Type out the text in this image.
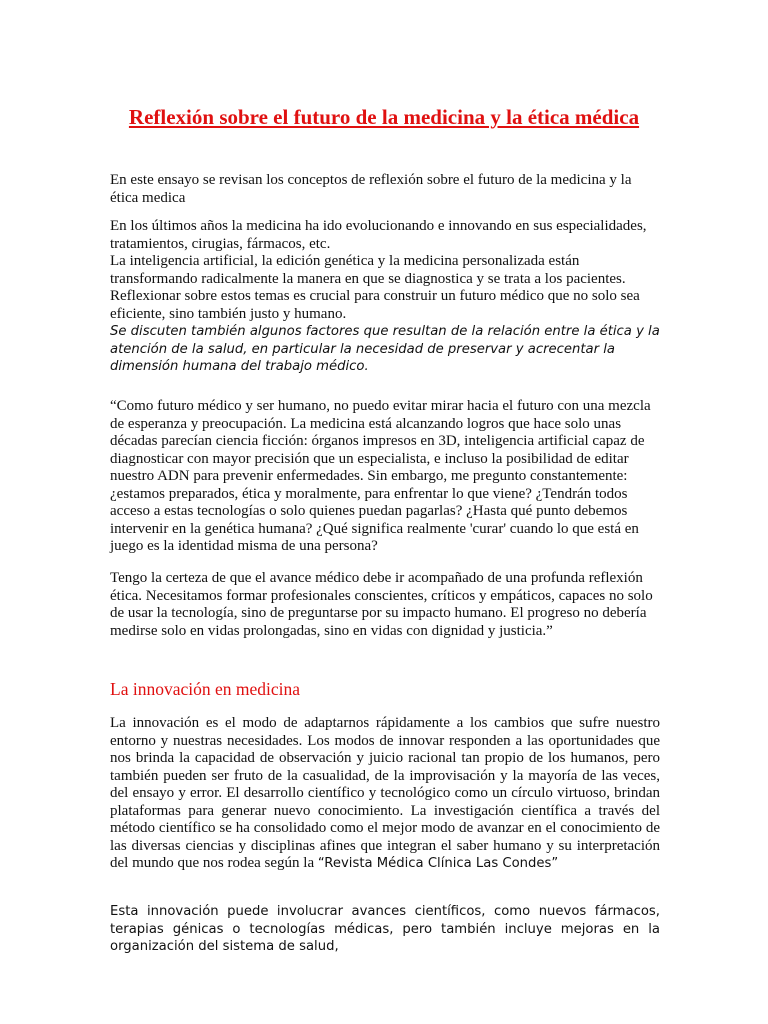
Reflexión sobre el futuro de la medicina y la ética médica

En este ensayo se revisan los conceptos de reflexión sobre el futuro de la medicina y la ética medica

En los últimos años la medicina ha ido evolucionando e innovando en sus especialidades, tratamientos, cirugias, fármacos, etc.
La inteligencia artificial, la edición genética y la medicina personalizada están transformando radicalmente la manera en que se diagnostica y se trata a los pacientes.
Reflexionar sobre estos temas es crucial para construir un futuro médico que no solo sea eficiente, sino también justo y humano.
Se discuten también algunos factores que resultan de la relación entre la ética y la atención de la salud, en particular la necesidad de preservar y acrecentar la dimensión humana del trabajo médico.

“Como futuro médico y ser humano, no puedo evitar mirar hacia el futuro con una mezcla de esperanza y preocupación. La medicina está alcanzando logros que hace solo unas décadas parecían ciencia ficción: órganos impresos en 3D, inteligencia artificial capaz de diagnosticar con mayor precisión que un especialista, e incluso la posibilidad de editar nuestro ADN para prevenir enfermedades. Sin embargo, me pregunto constantemente: ¿estamos preparados, ética y moralmente, para enfrentar lo que viene? ¿Tendrán todos acceso a estas tecnologías o solo quienes puedan pagarlas? ¿Hasta qué punto debemos intervenir en la genética humana? ¿Qué significa realmente 'curar' cuando lo que está en juego es la identidad misma de una persona?

Tengo la certeza de que el avance médico debe ir acompañado de una profunda reflexión ética. Necesitamos formar profesionales conscientes, críticos y empáticos, capaces no solo de usar la tecnología, sino de preguntarse por su impacto humano. El progreso no debería medirse solo en vidas prolongadas, sino en vidas con dignidad y justicia.”

La innovación en medicina

La innovación es el modo de adaptarnos rápidamente a los cambios que sufre nuestro entorno y nuestras necesidades. Los modos de innovar responden a las oportunidades que nos brinda la capacidad de observación y juicio racional tan propio de los humanos, pero también pueden ser fruto de la casualidad, de la improvisación y la mayoría de las veces, del ensayo y error. El desarrollo científico y tecnológico como un círculo virtuoso, brindan plataformas para generar nuevo conocimiento. La investigación científica a través del método científico se ha consolidado como el mejor modo de avanzar en el conocimiento de las diversas ciencias y disciplinas afines que integran el saber humano y su interpretación del mundo que nos rodea según la “Revista Médica Clínica Las Condes”

Esta innovación puede involucrar avances científicos, como nuevos fármacos, terapias génicas o tecnologías médicas, pero también incluye mejoras en la organización del sistema de salud,
